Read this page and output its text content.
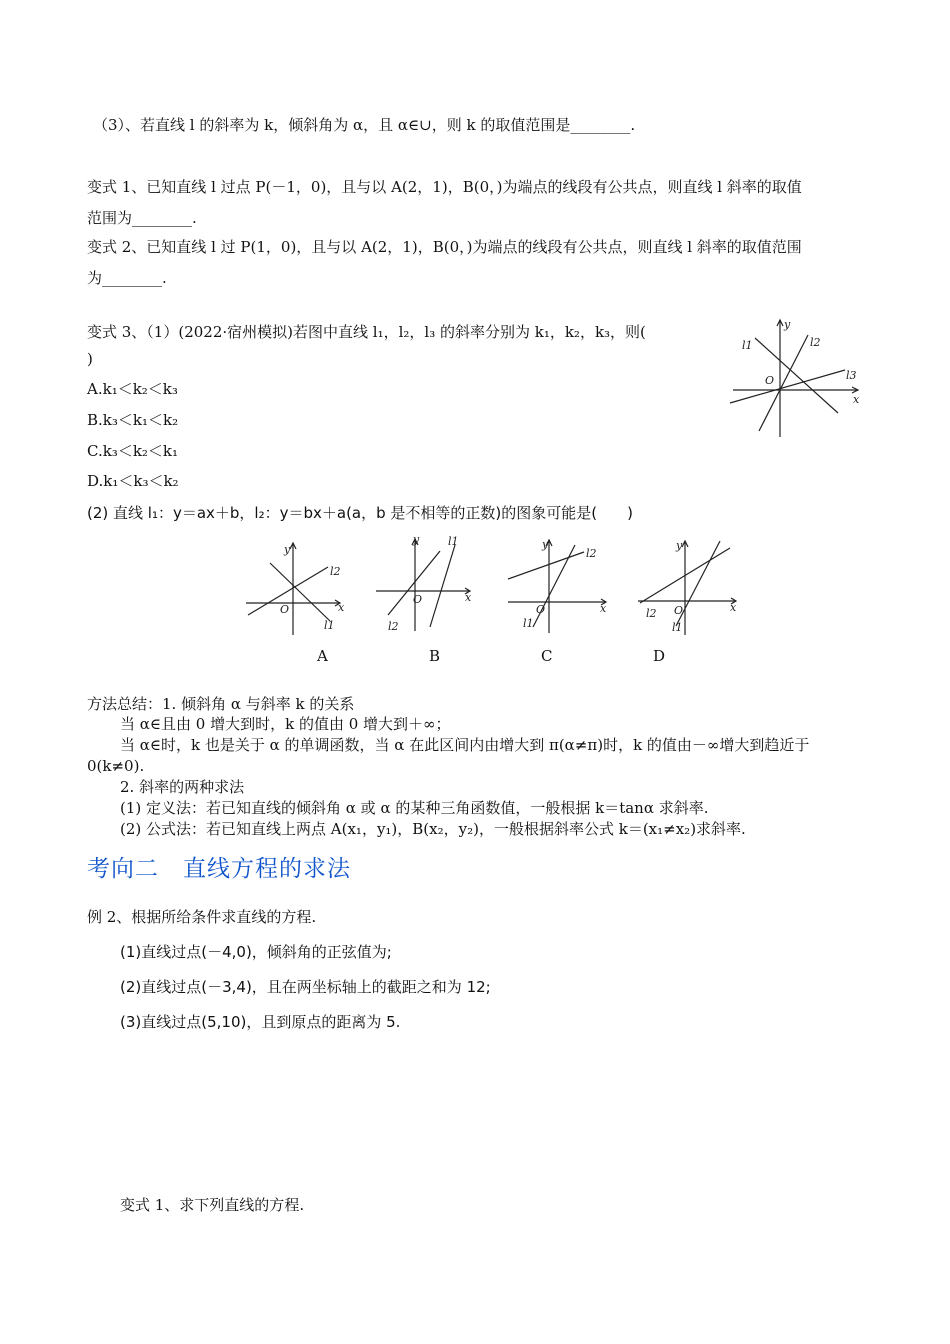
（3）、若直线 l 的斜率为 k，倾斜角为 α，且 α∈∪，则 k 的取值范围是________.
变式 1、已知直线 l 过点 P(－1，0)，且与以 A(2，1)，B(0，)为端点的线段有公共点，则直线 l 斜率的取值
范围为________.
变式 2、已知直线 l 过 P(1，0)，且与以 A(2，1)，B(0，)为端点的线段有公共点，则直线 l 斜率的取值范围
为________.
变式 3、（1）(2022·宿州模拟)若图中直线 l₁，l₂，l₃ 的斜率分别为 k₁，k₂，k₃，则(
)
A.k₁＜k₂＜k₃
B.k₃＜k₁＜k₂
C.k₃＜k₂＜k₁
D.k₁＜k₃＜k₂
y
x
O
l1	l2
l3
(2) 直线 l₁：y＝ax＋b，l₂：y＝bx＋a(a，b 是不相等的正数)的图象可能是(　　)
y
x
O
l2
l1
y
x
O
l1
l2
y
x
O
l2
l1
y
x
O
l2
l1
A	B	C	D
方法总结：1. 倾斜角 α 与斜率 k 的关系
当 α∈且由 0 增大到时，k 的值由 0 增大到＋∞；
当 α∈时，k 也是关于 α 的单调函数，当 α 在此区间内由增大到 π(α≠π)时，k 的值由－∞增大到趋近于
0(k≠0).
2. 斜率的两种求法
(1) 定义法：若已知直线的倾斜角 α 或 α 的某种三角函数值，一般根据 k＝tanα 求斜率.
(2) 公式法：若已知直线上两点 A(x₁，y₁)，B(x₂，y₂)，一般根据斜率公式 k＝(x₁≠x₂)求斜率.
考向二　直线方程的求法
例 2、根据所给条件求直线的方程.
(1)直线过点(－4,0)，倾斜角的正弦值为;
(2)直线过点(－3,4)，且在两坐标轴上的截距之和为 12;
(3)直线过点(5,10)，且到原点的距离为 5.
变式 1、求下列直线的方程.
